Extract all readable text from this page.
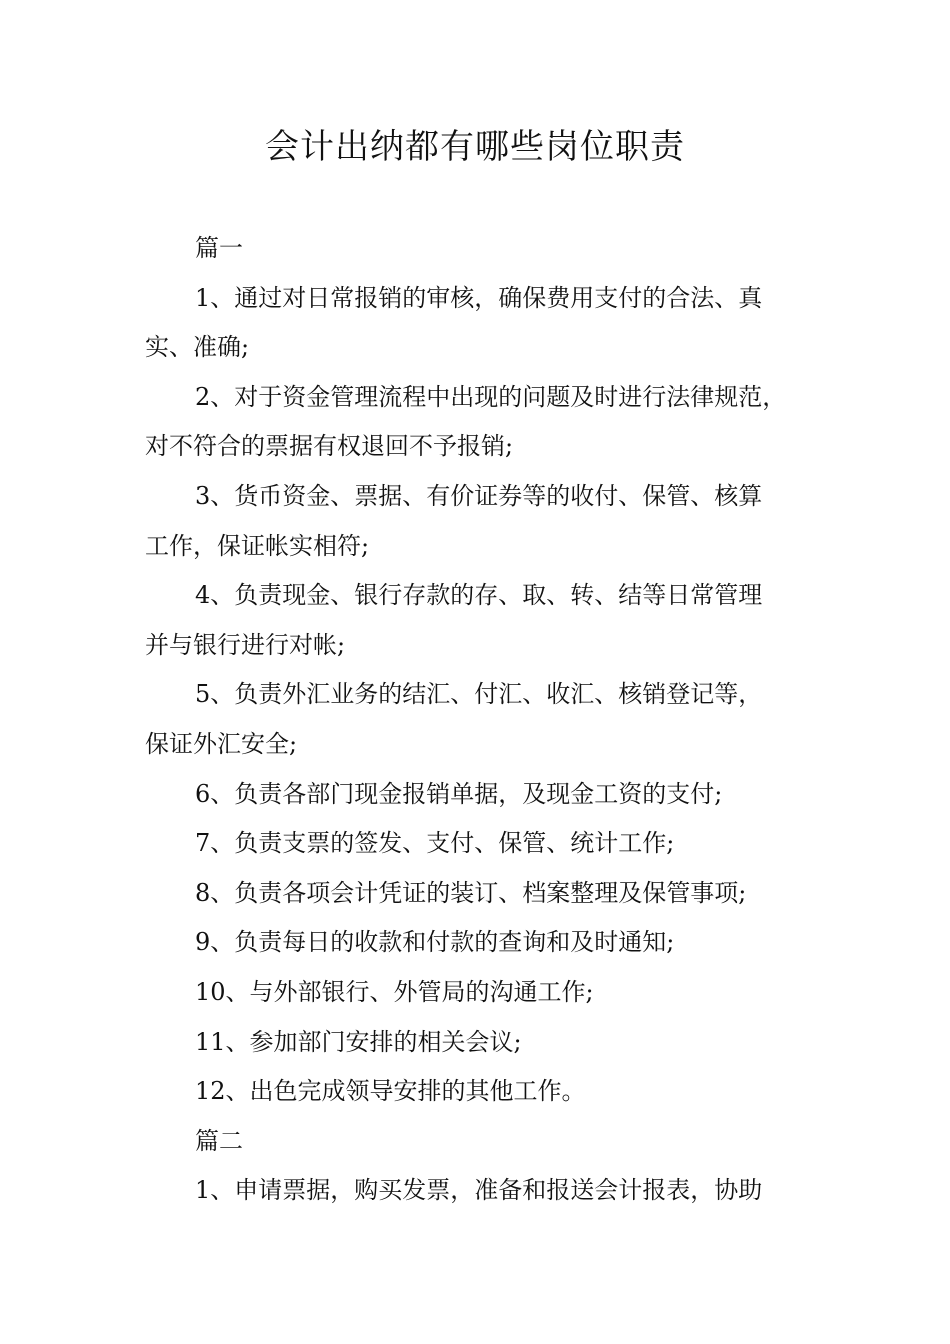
会计出纳都有哪些岗位职责
篇一
1、通过对日常报销的审核，确保费用支付的合法、真
实、准确;
2、对于资金管理流程中出现的问题及时进行法律规范，
对不符合的票据有权退回不予报销;
3、货币资金、票据、有价证券等的收付、保管、核算
工作，保证帐实相符;
4、负责现金、银行存款的存、取、转、结等日常管理
并与银行进行对帐;
5、负责外汇业务的结汇、付汇、收汇、核销登记等，
保证外汇安全;
6、负责各部门现金报销单据，及现金工资的支付;
7、负责支票的签发、支付、保管、统计工作;
8、负责各项会计凭证的装订、档案整理及保管事项;
9、负责每日的收款和付款的查询和及时通知;
10、与外部银行、外管局的沟通工作;
11、参加部门安排的相关会议;
12、出色完成领导安排的其他工作。
篇二
1、申请票据，购买发票，准备和报送会计报表，协助
